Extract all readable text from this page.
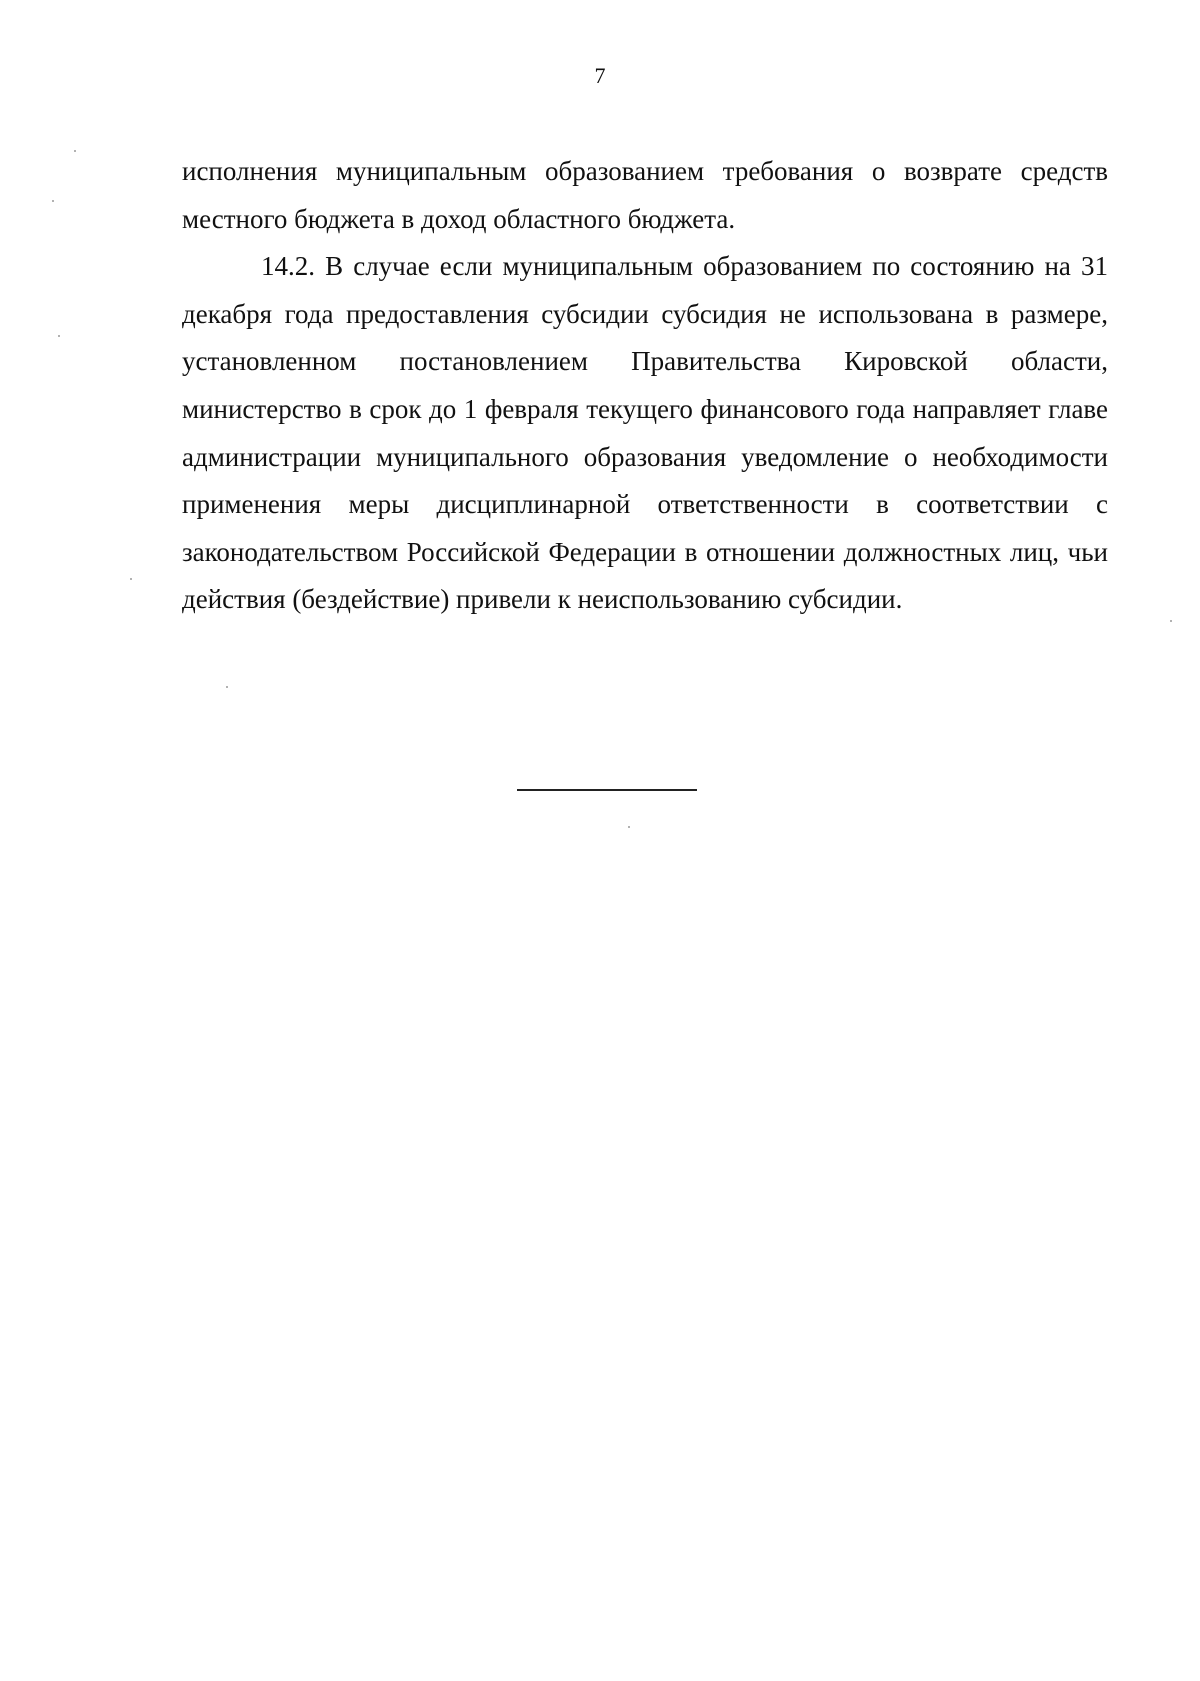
7

исполнения муниципальным образованием требования о возврате средств местного бюджета в доход областного бюджета.

14.2. В случае если муниципальным образованием по состоянию на 31 декабря года предоставления субсидии субсидия не использована в размере, установленном постановлением Правительства Кировской области, министерство в срок до 1 февраля текущего финансового года направляет главе администрации муниципального образования уведомление о необходимости применения меры дисциплинарной ответственности в соответствии с законодательством Российской Федерации в отношении должностных лиц, чьи действия (бездействие) привели к неиспользованию субсидии.
